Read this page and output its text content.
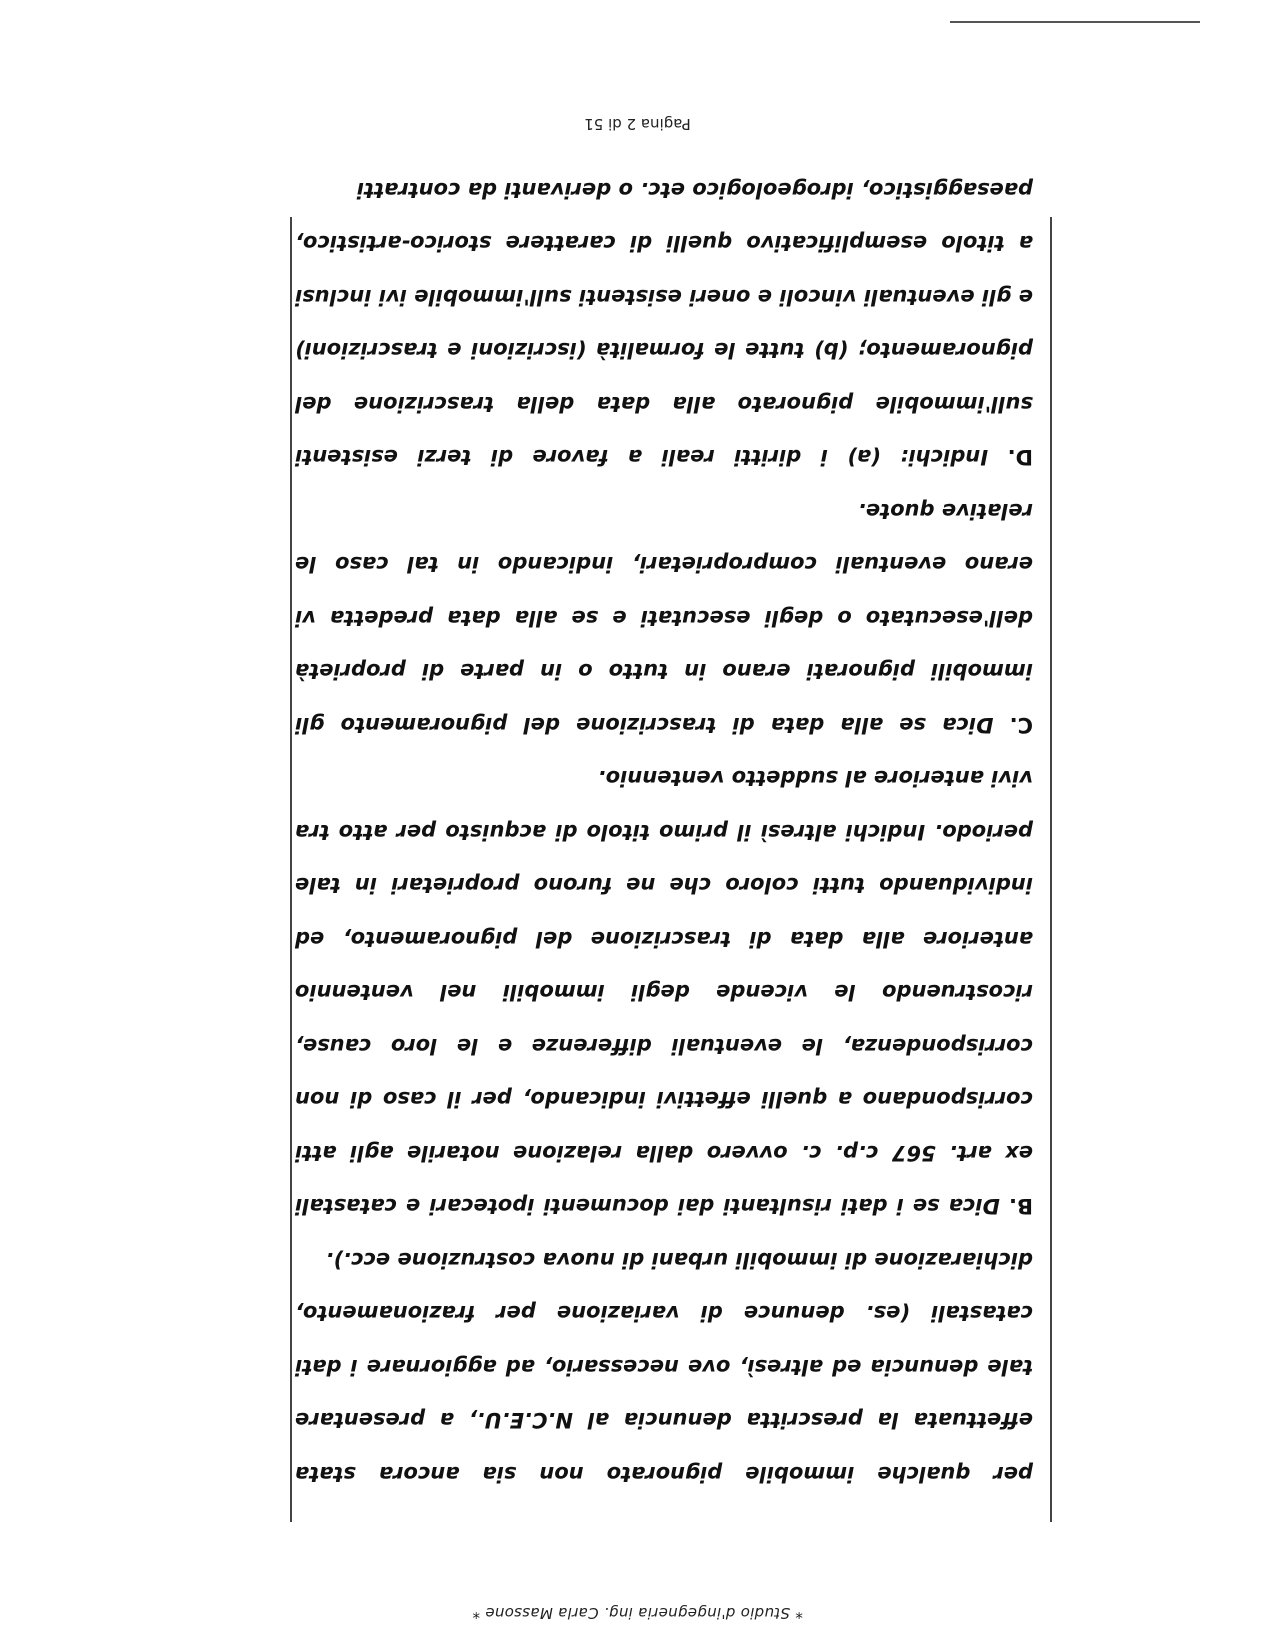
* Studio d'ingegneria ing. Carla Massone *

per qualche immobile pignorato non sia ancora stata effettuata la prescritta denuncia al N.C.E.U., a presentare tale denuncia ed altresì, ove necessario, ad aggiornare i dati catastali (es. denunce di variazione per frazionamento, dichiarazione di immobili urbani di nuova costruzione ecc.).

B. Dica se i dati risultanti dai documenti ipotecari e catastali ex art. 567 c.p. c. ovvero dalla relazione notarile agli atti corrispondano a quelli effettivi indicando, per il caso di non corrispondenza, le eventuali differenze e le loro cause, ricostruendo le vicende degli immobili nel ventennio anteriore alla data di trascrizione del pignoramento, ed individuando tutti coloro che ne furono proprietari in tale periodo. Indichi altresì il primo titolo di acquisto per atto tra vivi anteriore al suddetto ventennio.

C. Dica se alla data di trascrizione del pignoramento gli immobili pignorati erano in tutto o in parte di proprietà dell'esecutato o degli esecutati e se alla data predetta vi erano eventuali comproprietari, indicando in tal caso le relative quote.

D. Indichi: (a) i diritti reali a favore di terzi esistenti sull'immobile pignorato alla data della trascrizione del pignoramento; (b) tutte le formalità (iscrizioni e trascrizioni) e gli eventuali vincoli e oneri esistenti sull'immobile ivi inclusi a titolo esemplificativo quelli di carattere storico-artistico, paesaggistico, idrogeologico etc. o derivanti da contratti

Pagina 2 di 51
